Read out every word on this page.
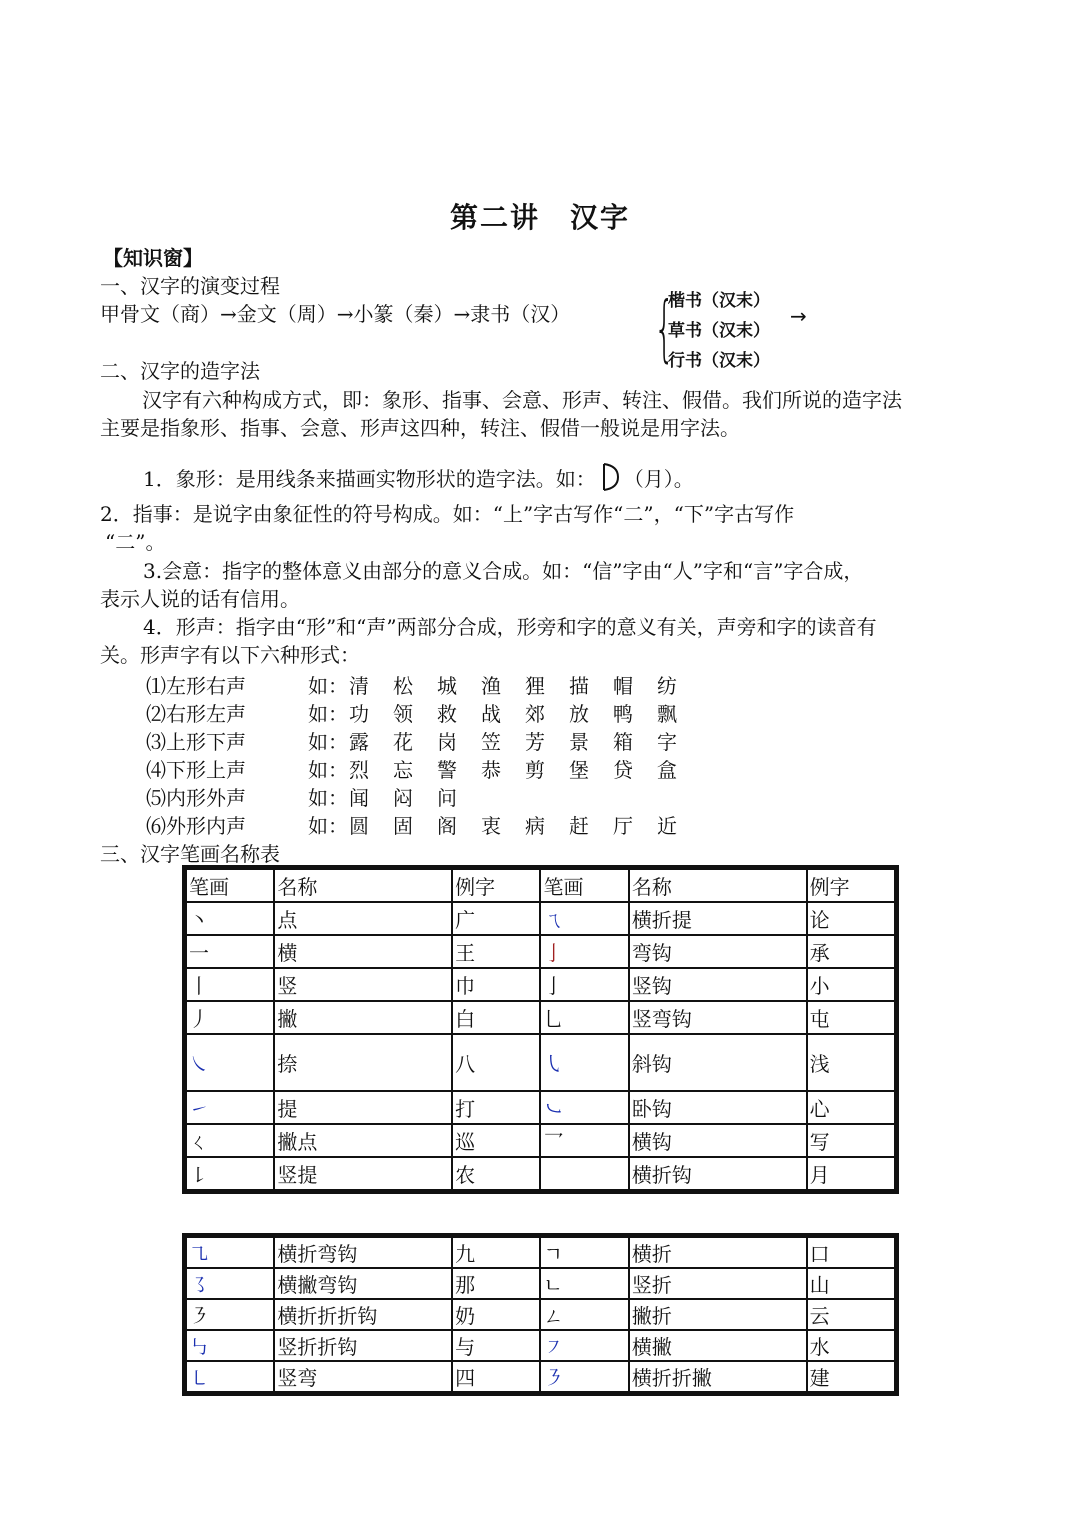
第二讲　汉字
【知识窗】
一、汉字的演变过程
甲骨文（商）→金文（周）→小篆（秦）→隶书（汉） {
楷书（汉末）
草书（汉末）
行书（汉末）
→
二、汉字的造字法
汉字有六种构成方式，即：象形、指事、会意、形声、转注、假借。我们所说的造字法
主要是指象形、指事、会意、形声这四种，转注、假借一般说是用字法。
1．象形：是用线条来描画实物形状的造字法。如： （月）。
2．指事：是说字由象征性的符号构成。如：“上”字古写作“二”，“下”字古写作
“二”。
3.会意：指字的整体意义由部分的意义合成。如：“信”字由“人”字和“言”字合成，
表示人说的话有信用。
4．形声：指字由“形”和“声”两部分合成，形旁和字的意义有关，声旁和字的读音有
关。形声字有以下六种形式：
⑴左形右声	如： 清 松 城 渔 狸 描 帽 纺
⑵右形左声	如： 功 领 救 战 郊 放 鸭 飘
⑶上形下声	如： 露 花 岗 笠 芳 景 箱 字
⑷下形上声	如： 烈 忘 警 恭 剪 堡 贷 盒
⑸内形外声	如： 闻 闷 问
⑹外形内声	如： 圆 固 阁 衷 病 赶 厅 近
三、汉字笔画名称表
笔画	名称	例字	笔画	名称	例字
丶	点	广	ㄟ	横折提	论
一	横	王	亅	弯钩	承
丨	竖	巾	亅	竖钩	小
丿	撇	白	乚	竖弯钩	屯
㇏	捺	八	㇂	斜钩	浅
㇀	提	打	㇃	卧钩	心
ㄑ	撇点	巡	乛	横钩	写
㇙	竖提	农		横折钩	月
㇈	横折弯钩	九	ㄱ	横折	口
㇌	横撇弯钩	那	ㄴ	竖折	山
㇋	横折折折钩	奶	ㄥ	撇折	云
㇉	竖折折钩	与	㇇	横撇	水
㇄	竖弯	四	㇋	横折折撇	建
